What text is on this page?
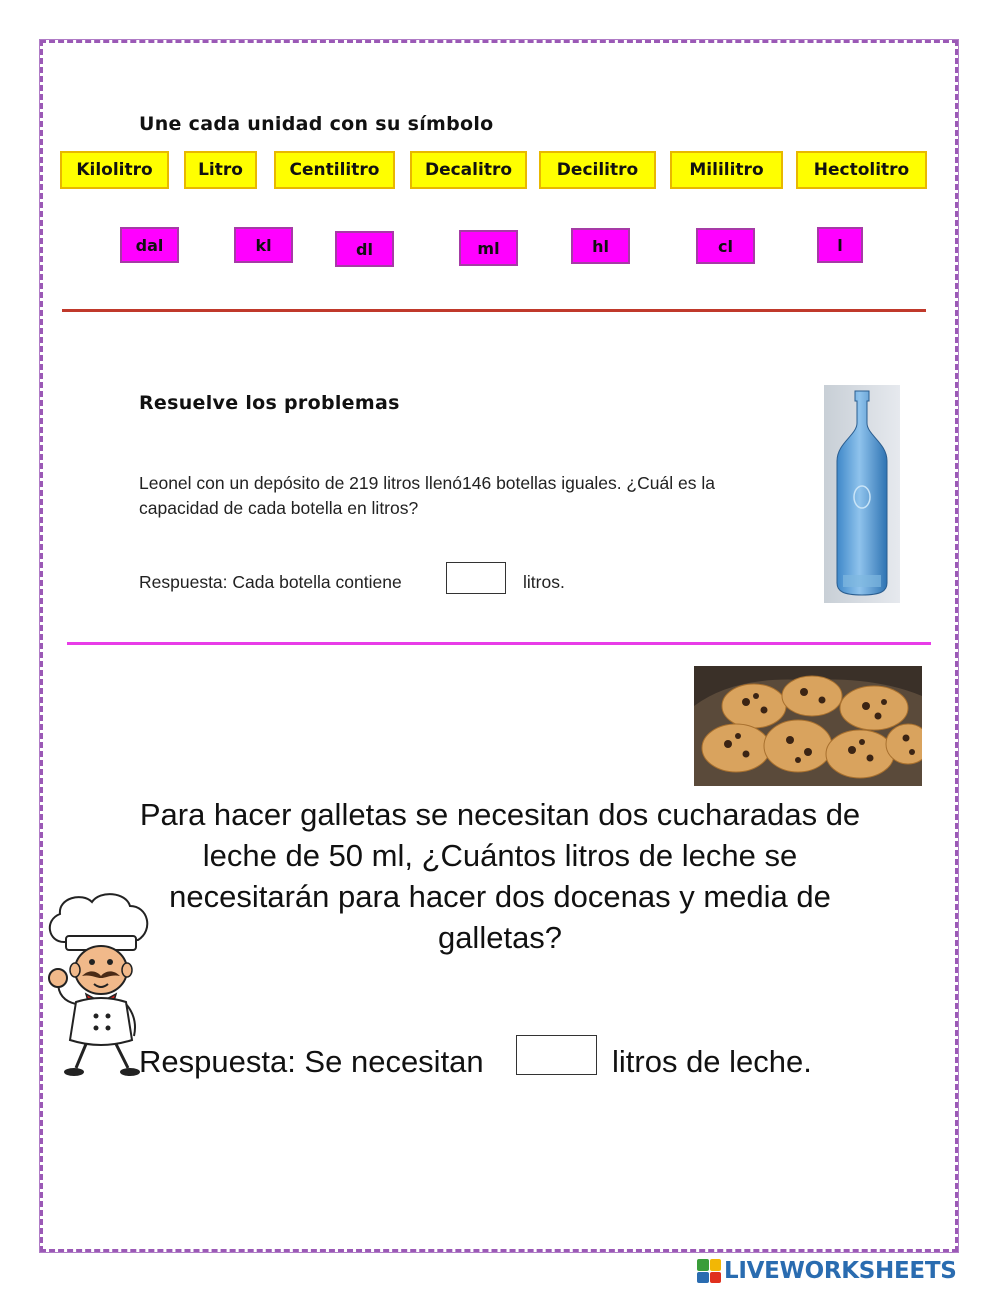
Une cada unidad con su símbolo
Kilolitro	Litro	Centilitro	Decalitro	Decilitro	Mililitro	Hectolitro
dal	kl	dl	ml	hl	cl	l
Resuelve los problemas
Leonel con un depósito de 219 litros llenó146 botellas iguales. ¿Cuál es la
capacidad de cada botella en litros?
Respuesta: Cada botella contiene	litros.
Para hacer galletas se necesitan dos cucharadas de leche de 50 ml, ¿Cuántos litros de leche se necesitarán para hacer dos docenas y media de galletas?
Respuesta: Se necesitan	litros de leche.
LIVEWORKSHEETS
